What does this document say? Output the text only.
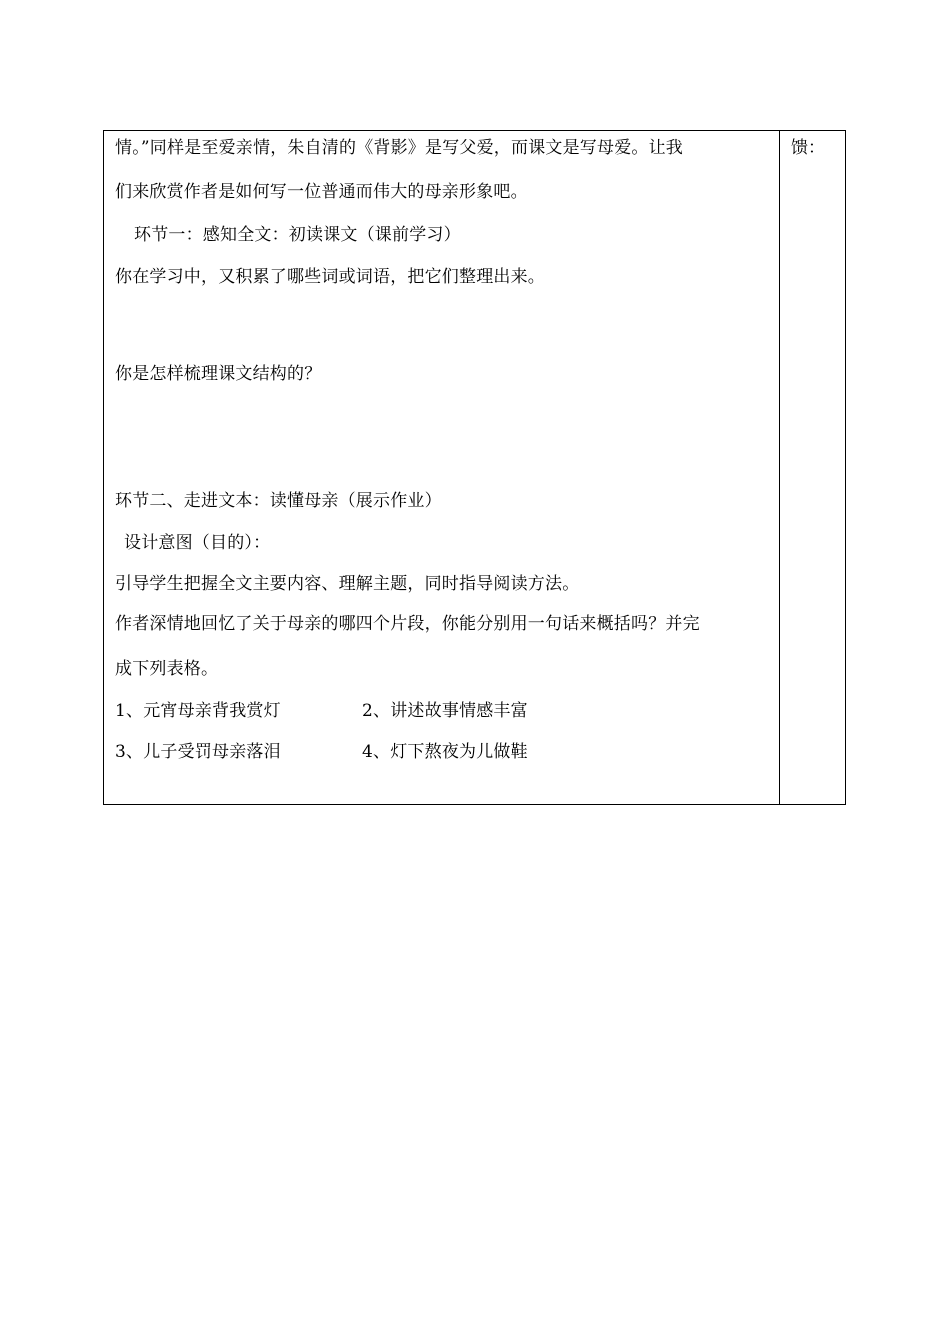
情。”同样是至爱亲情，朱自清的《背影》是写父爱，而课文是写母爱。让我
们来欣赏作者是如何写一位普通而伟大的母亲形象吧。
环节一：感知全文：初读课文（课前学习）
你在学习中，又积累了哪些词或词语，把它们整理出来。
你是怎样梳理课文结构的？
环节二、走进文本：读懂母亲（展示作业）
设计意图（目的）：
引导学生把握全文主要内容、理解主题，同时指导阅读方法。
作者深情地回忆了关于母亲的哪四个片段，你能分别用一句话来概括吗？并完
成下列表格。
1、元宵母亲背我赏灯	2、讲述故事情感丰富
3、儿子受罚母亲落泪	4、灯下熬夜为儿做鞋
馈：
